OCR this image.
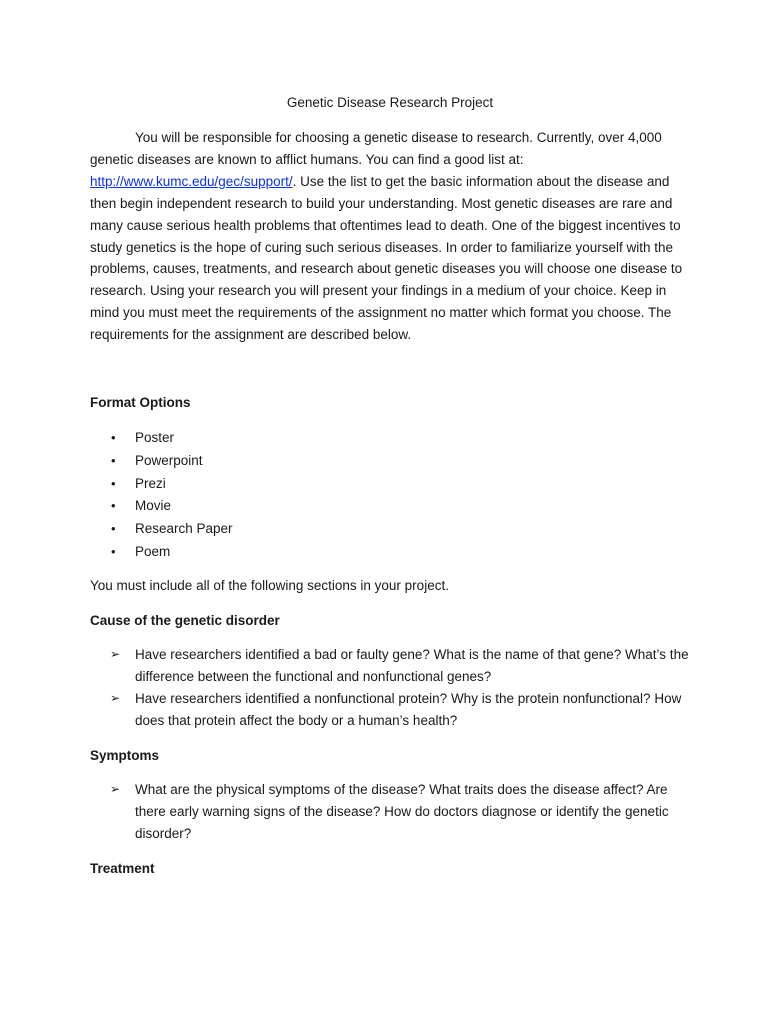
Genetic Disease Research Project

You will be responsible for choosing a genetic disease to research. Currently, over 4,000 genetic diseases are known to afflict humans. You can find a good list at: http://www.kumc.edu/gec/support/. Use the list to get the basic information about the disease and then begin independent research to build your understanding. Most genetic diseases are rare and many cause serious health problems that oftentimes lead to death. One of the biggest incentives to study genetics is the hope of curing such serious diseases. In order to familiarize yourself with the problems, causes, treatments, and research about genetic diseases you will choose one disease to research. Using your research you will present your findings in a medium of your choice. Keep in mind you must meet the requirements of the assignment no matter which format you choose. The requirements for the assignment are described below.

Format Options

• Poster
• Powerpoint
• Prezi
• Movie
• Research Paper
• Poem

You must include all of the following sections in your project.

Cause of the genetic disorder

➢ Have researchers identified a bad or faulty gene? What is the name of that gene? What’s the difference between the functional and nonfunctional genes?
➢ Have researchers identified a nonfunctional protein? Why is the protein nonfunctional? How does that protein affect the body or a human’s health?

Symptoms

➢ What are the physical symptoms of the disease? What traits does the disease affect? Are there early warning signs of the disease? How do doctors diagnose or identify the genetic disorder?

Treatment
